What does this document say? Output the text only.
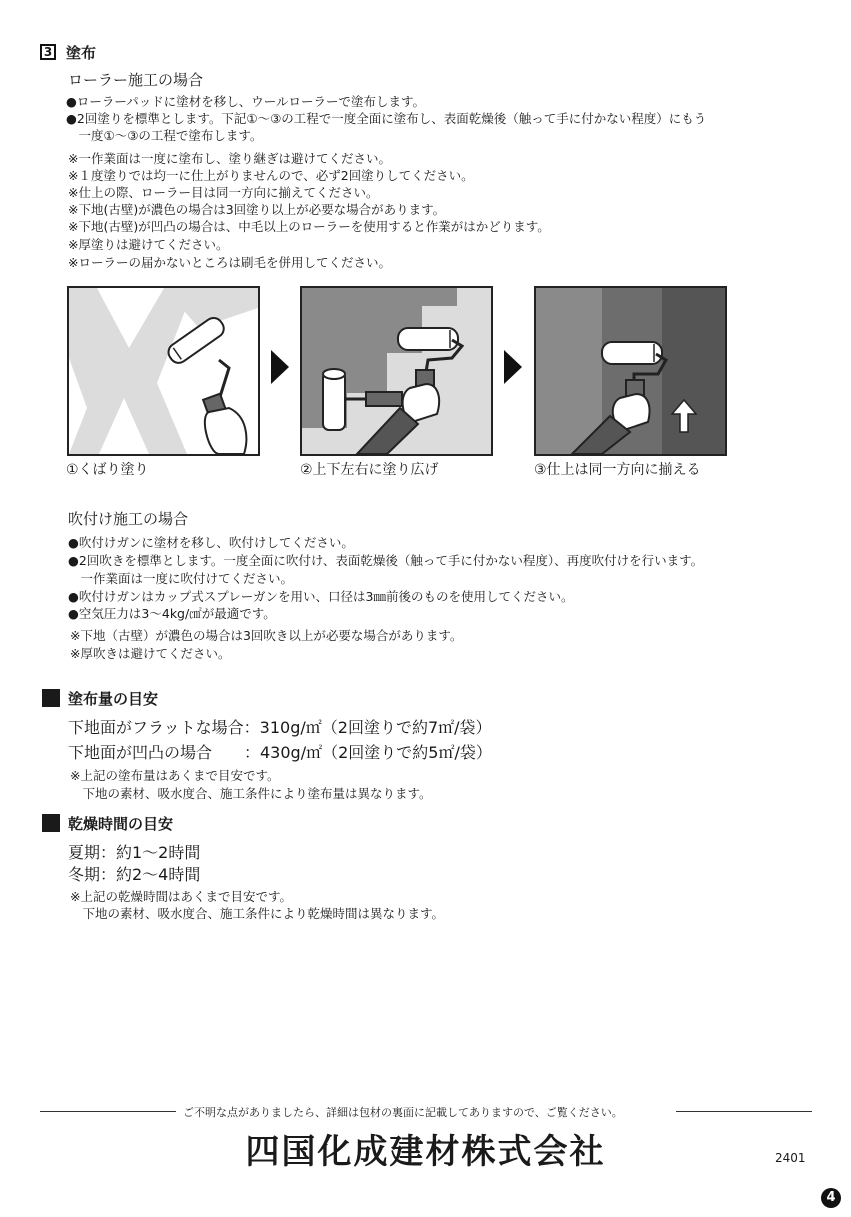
3 塗布
ローラー施工の場合
●ローラーパッドに塗材を移し、ウールローラーで塗布します。
●2回塗りを標準とします。下記①～③の工程で一度全面に塗布し、表面乾燥後（触って手に付かない程度）にもう
　一度①～③の工程で塗布します。
※一作業面は一度に塗布し、塗り継ぎは避けてください。
※１度塗りでは均一に仕上がりませんので、必ず2回塗りしてください。
※仕上の際、ローラー目は同一方向に揃えてください。
※下地(古壁)が濃色の場合は3回塗り以上が必要な場合があります。
※下地(古壁)が凹凸の場合は、中毛以上のローラーを使用すると作業がはかどります。
※厚塗りは避けてください。
※ローラーの届かないところは刷毛を併用してください。
①くばり塗り	②上下左右に塗り広げ	③仕上は同一方向に揃える
吹付け施工の場合
●吹付けガンに塗材を移し、吹付けしてください。
●2回吹きを標準とします。一度全面に吹付け、表面乾燥後（触って手に付かない程度）、再度吹付けを行います。
　一作業面は一度に吹付けてください。
●吹付けガンはカップ式スプレーガンを用い、口径は3㎜前後のものを使用してください。
●空気圧力は3～4kg/㎠が最適です。
※下地（古壁）が濃色の場合は3回吹き以上が必要な場合があります。
※厚吹きは避けてください。
塗布量の目安
下地面がフラットな場合：310g/㎡（2回塗りで約7㎡/袋）
下地面が凹凸の場合　　：430g/㎡（2回塗りで約5㎡/袋）
※上記の塗布量はあくまで目安です。
　下地の素材、吸水度合、施工条件により塗布量は異なります。
乾燥時間の目安
夏期：約1～2時間
冬期：約2～4時間
※上記の乾燥時間はあくまで目安です。
　下地の素材、吸水度合、施工条件により乾燥時間は異なります。
ご不明な点がありましたら、詳細は包材の裏面に記載してありますので、ご覧ください。
四国化成建材株式会社	2401
4
